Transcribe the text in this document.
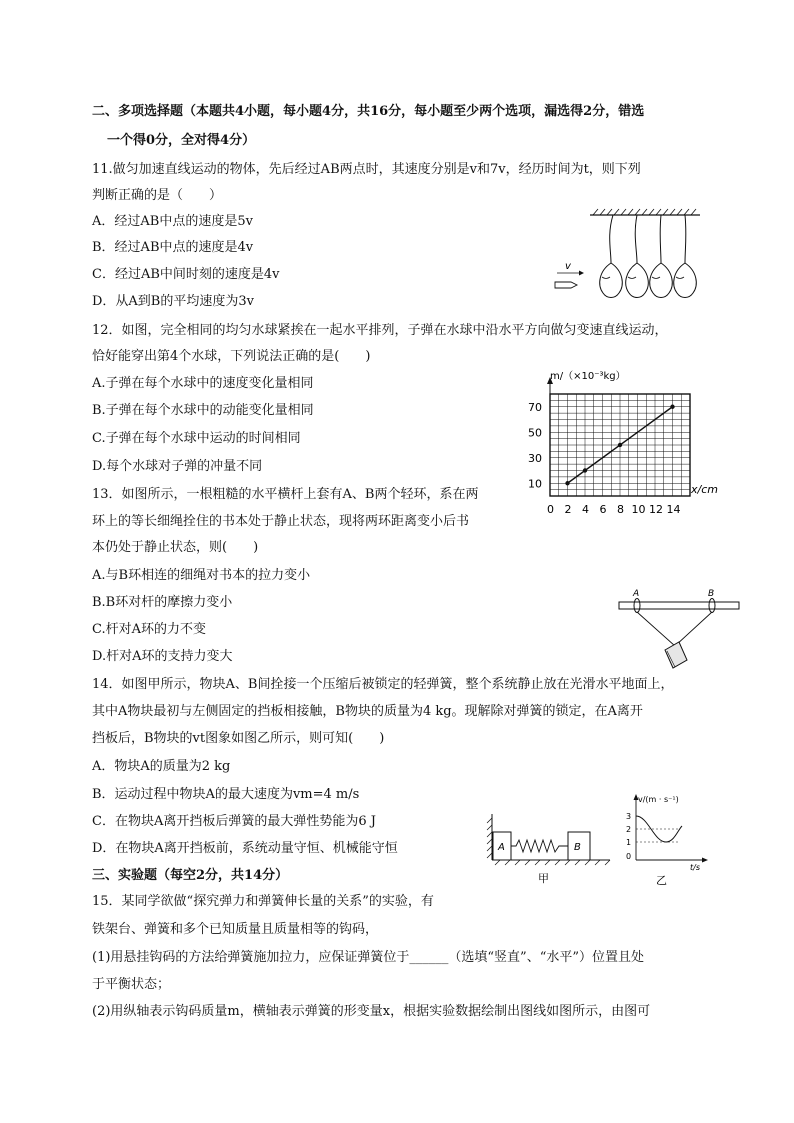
二、多项选择题（本题共4小题，每小题4分，共16分，每小题至少两个选项，漏选得2分，错选
一个得0分，全对得4分）
11.做匀加速直线运动的物体，先后经过AB两点时，其速度分别是v和7v，经历时间为t，则下列
判断正确的是（　　）
A．经过AB中点的速度是5v
B．经过AB中点的速度是4v
C．经过AB中间时刻的速度是4v
D．从A到B的平均速度为3v
v
12．如图，完全相同的均匀水球紧挨在一起水平排列，子弹在水球中沿水平方向做匀变速直线运动，
恰好能穿出第4个水球，下列说法正确的是(　　)
A.子弹在每个水球中的速度变化量相同
B.子弹在每个水球中的动能变化量相同
C.子弹在每个水球中运动的时间相同
D.每个水球对子弹的冲量不同
10
30
50
70
0 2 4 6 8 10 12 14
m/（×10⁻³kg）
x/cm
13．如图所示，一根粗糙的水平横杆上套有A、B两个轻环，系在两
环上的等长细绳拴住的书本处于静止状态，现将两环距离变小后书
本仍处于静止状态，则(　　)
A.与B环相连的细绳对书本的拉力变小
B.B环对杆的摩擦力变小
C.杆对A环的力不变
D.杆对A环的支持力变大
A	B
14．如图甲所示，物块A、B间拴接一个压缩后被锁定的轻弹簧，整个系统静止放在光滑水平地面上，
其中A物块最初与左侧固定的挡板相接触，B物块的质量为4 kg。现解除对弹簧的锁定，在A离开
挡板后，B物块的vt图象如图乙所示，则可知(　　)
A．物块A的质量为2 kg
B．运动过程中物块A的最大速度为vm=4 m/s
C．在物块A离开挡板后弹簧的最大弹性势能为6 J
D．在物块A离开挡板前，系统动量守恒、机械能守恒	A	B
甲
v/(m · s⁻¹)
t/s
3
2
1
0
乙
三、实验题（每空2分，共14分）
15．某同学欲做“探究弹力和弹簧伸长量的关系”的实验，有
铁架台、弹簧和多个已知质量且质量相等的钩码，
(1)用悬挂钩码的方法给弹簧施加拉力，应保证弹簧位于______（选填“竖直”、“水平”）位置且处
于平衡状态；
(2)用纵轴表示钩码质量m，横轴表示弹簧的形变量x，根据实验数据绘制出图线如图所示，由图可
